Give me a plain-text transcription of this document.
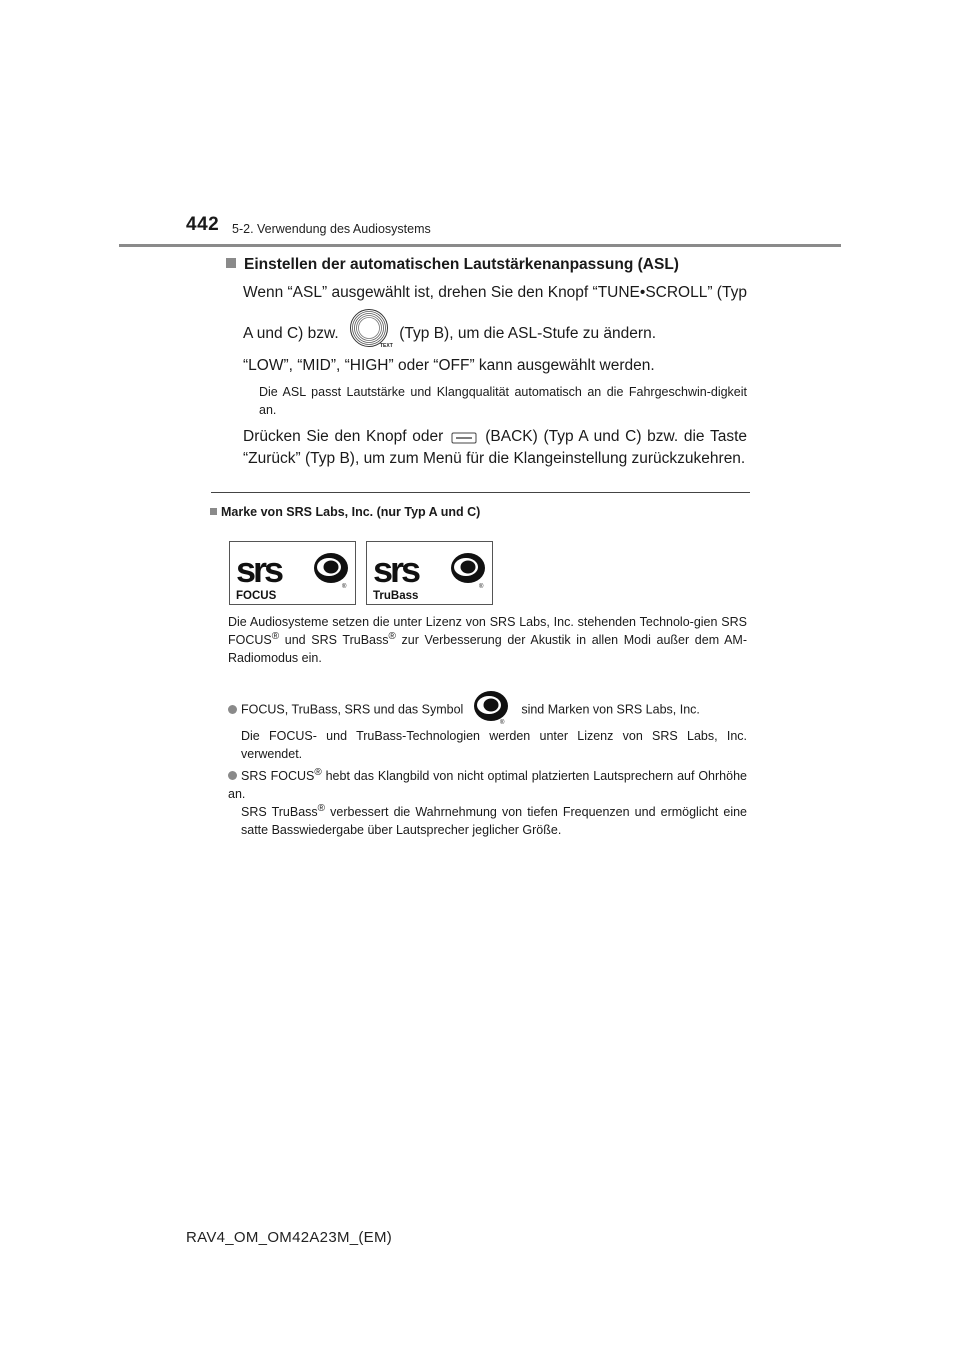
442 5-2. Verwendung des Audiosystems
Einstellen der automatischen Lautstärkenanpassung (ASL)
Wenn “ASL” ausgewählt ist, drehen Sie den Knopf “TUNE•SCROLL” (Typ
A und C) bzw.
TEXT
(Typ B), um die ASL-Stufe zu ändern.
“LOW”, “MID”, “HIGH” oder “OFF” kann ausgewählt werden.
Die ASL passt Lautstärke und Klangqualität automatisch an die Fahrgeschwin-digkeit an.
Drücken Sie den Knopf oder	(BACK) (Typ A und C) bzw. die Taste “Zurück” (Typ B), um zum Menü für die Klangeinstellung zurückzukehren.
Marke von SRS Labs, Inc. (nur Typ A und C)
srs	®
FOCUS
srs	®
TruBass
Die Audiosysteme setzen die unter Lizenz von SRS Labs, Inc. stehenden Technolo-gien SRS FOCUS® und SRS TruBass® zur Verbesserung der Akustik in allen Modi außer dem AM-Radiomodus ein.
FOCUS, TruBass, SRS und das Symbol
®
sind Marken von SRS Labs, Inc.
Die FOCUS- und TruBass-Technologien werden unter Lizenz von SRS Labs, Inc. verwendet.
SRS FOCUS® hebt das Klangbild von nicht optimal platzierten Lautsprechern auf Ohrhöhe an.
SRS TruBass® verbessert die Wahrnehmung von tiefen Frequenzen und ermöglicht eine satte Basswiedergabe über Lautsprecher jeglicher Größe.
RAV4_OM_OM42A23M_(EM)
